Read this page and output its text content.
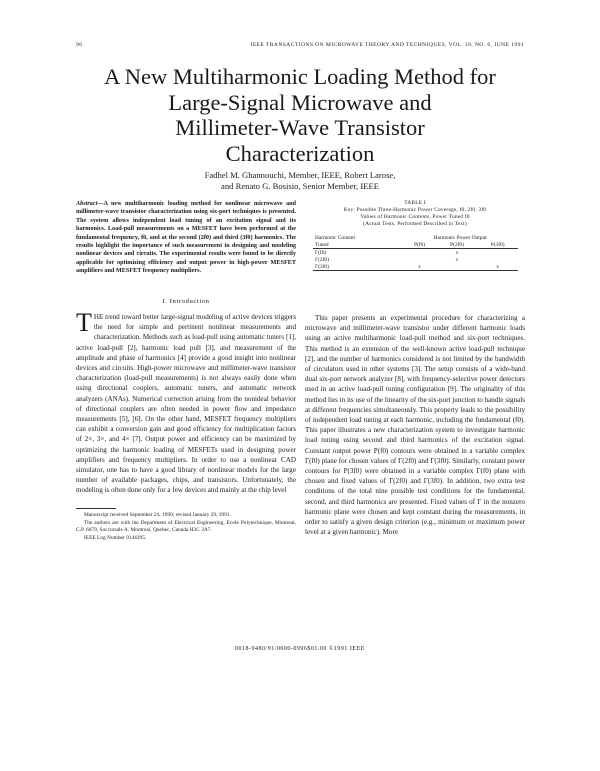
96	IEEE TRANSACTIONS ON MICROWAVE THEORY AND TECHNIQUES, VOL. 39, NO. 6, JUNE 1991
A New Multiharmonic Loading Method for
Large-Signal Microwave and
Millimeter-Wave Transistor
Characterization
Fadhel M. Ghannouchi, Member, IEEE, Robert Larose,
and Renato G. Bosisio, Senior Member, IEEE
Abstract—A new multiharmonic loading method for nonlinear microwave and millimeter-wave transistor characterization using six-port techniques is presented. The system allows independent load tuning of an excitation signal and its harmonics. Load-pull measurements on a MESFET have been performed at the fundamental frequency, f0, and at the second (2f0) and third (3f0) harmonics. The results highlight the importance of such measurement in designing and modeling nonlinear devices and circuits. The experimental results were found to be directly applicable for optimizing efficiency and output power in high-power MESFET amplifiers and MESFET frequency multipliers.
I. Introduction
THE trend toward better large-signal modeling of active devices triggers the need for simple and pertinent nonlinear measurements and characterization. Methods such as load-pull using automatic tuners [1], active load-pull [2], harmonic load pull [3], and measurement of the amplitude and phase of harmonics [4] provide a good insight into nonlinear devices and circuits. High-power microwave and millimeter-wave transistor characterization (load-pull measurements) is not always easily done when using directional couplers, automatic tuners, and automatic network analyzers (ANAs). Numerical correction arising from the nonideal behavior of directional couplers are often needed in power flow and impedance measurements [5], [6]. On the other hand, MESFET frequency multipliers can exhibit a conversion gain and good efficiency for multiplication factors of 2×, 3×, and 4× [7]. Output power and efficiency can be maximized by optimizing the harmonic loading of MESFETs used in designing power amplifiers and frequency multipliers. In order to use a nonlinear CAD simulator, one has to have a good library of nonlinear models for the large number of available packages, chips, and transistors. Unfortunately, the modeling is often done only for a few devices and mainly at the chip level

Manuscript received September 24, 1990; revised January 29, 1991.

The authors are with the Department of Electrical Engineering, Ecole Polytechnique, Montreal, C.P. 6079, Succursale A, Montreal, Quebec, Canada H3C 3A7.

IEEE Log Number 9144295.

TABLE I
Key: Possible Three-Harmonic Power Coverage, f0, 2f0, 3f0
Values of Harmonic Contents, Power Tuned f0
(Actual Tests, Performed Described in Text)
Harmonic Content	Harmonic Power Output		
Tuned	P(f0)	P(2f0)	P(3f0)
Γ(f0)		x	
Γ(2f0)		x	
Γ(3f0)	x		x

This paper presents an experimental procedure for characterizing a microwave and millimeter-wave transistor under different harmonic loads using an active multiharmonic load-pull method and six-port techniques. This method is an extension of the well-known active load-pull technique [2], and the number of harmonics considered is not limited by the bandwidth of circulators used in other systems [3]. The setup consists of a wide-band dual six-port network analyzer [8], with frequency-selective power detectors used in an active load-pull tuning configuration [9]. The originality of this method lies in its use of the linearity of the six-port junction to handle signals at different frequencies simultaneously. This property leads to the possibility of independent load tuning at each harmonic, including the fundamental (f0). This paper illustrates a new characterization system to investigate harmonic load tuning using second and third harmonics of the excitation signal. Constant output power P(f0) contours were obtained in a variable complex Γ(f0) plane for chosen values of Γ(2f0) and Γ(3f0). Similarly, constant power contours for P(3f0) were obtained in a variable complex Γ(f0) plane with chosen and fixed values of Γ(2f0) and Γ(3f0). In addition, two extra test conditions of the total nine possible test conditions for the fundamental, second, and third harmonics are presented. Fixed values of Γ in the nonzero harmonic plane were chosen and kept constant during the measurements, in order to satisfy a given design criterion (e.g., minimum or maximum power level at a given harmonic). More

0018-9480/91/0600-0996$01.00 ©1991 IEEE
